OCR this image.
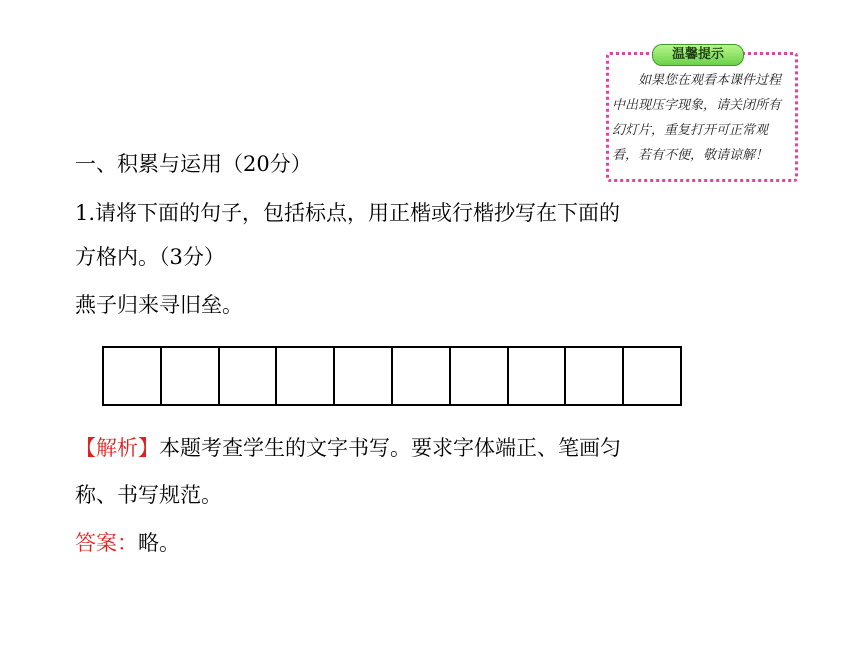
温馨提示
如果您在观看本课件过程中出现压字现象，请关闭所有幻灯片，重复打开可正常观看，若有不便，敬请谅解！
一、积累与运用（20分）
1.请将下面的句子，包括标点，用正楷或行楷抄写在下面的
方格内。（3分）
燕子归来寻旧垒。
【解析】本题考查学生的文字书写。要求字体端正、笔画匀
称、书写规范。
答案：略。
